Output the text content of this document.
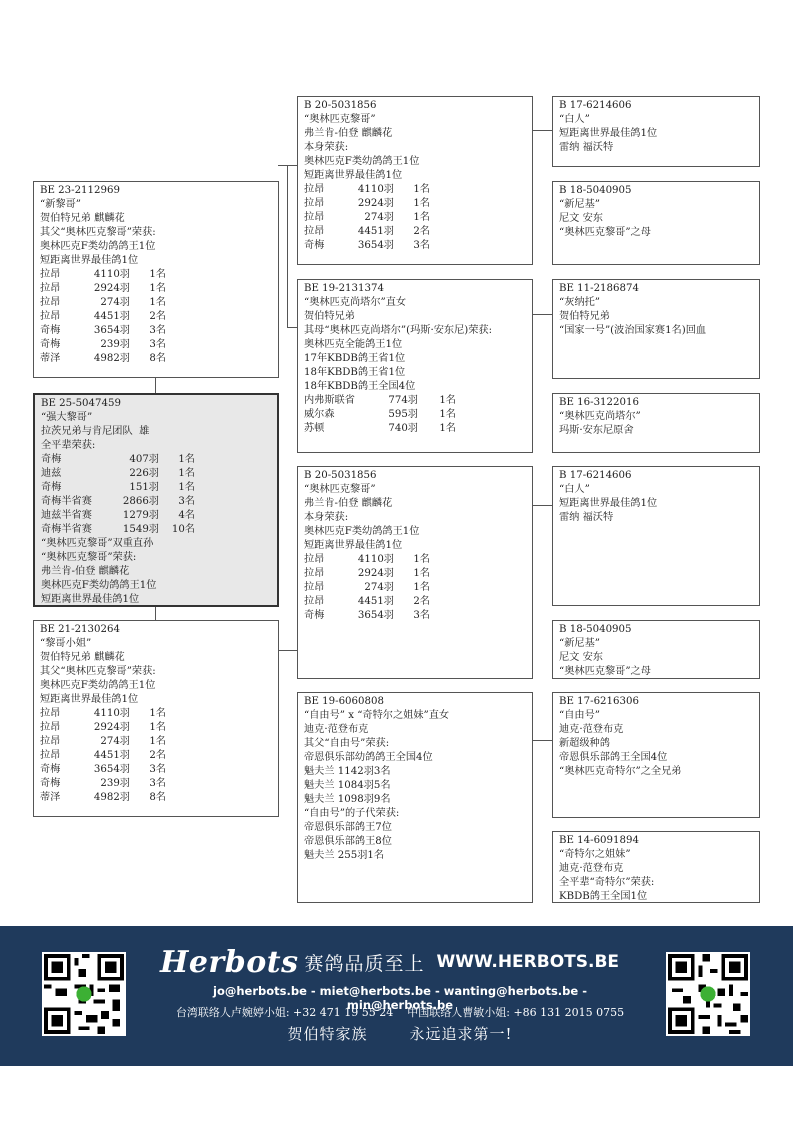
BE 23-2112969
“新黎哥”
贺伯特兄弟 麒麟花
其父“奥林匹克黎哥”荣获:
奥林匹克F类幼鸽鸽王1位
短距离世界最佳鸽1位
拉昂	4110羽	1名
拉昂	2924羽	1名
拉昂	274羽	1名
拉昂	4451羽	2名
奇梅	3654羽	3名
奇梅	239羽	3名
蒂泽	4982羽	8名
BE 25-5047459
“强大黎哥”
拉茨兄弟与肯尼团队  雄
全平辈荣获:
奇梅	407羽	1名
迪兹	226羽	1名
奇梅	151羽	1名
奇梅半省赛	2866羽	3名
迪兹半省赛	1279羽	4名
奇梅半省赛	1549羽	10名
“奥林匹克黎哥”双重直孙
“奥林匹克黎哥”荣获:
弗兰肯-伯登 麒麟花
奥林匹克F类幼鸽鸽王1位
短距离世界最佳鸽1位
BE 21-2130264
“黎哥小姐”
贺伯特兄弟 麒麟花
其父“奥林匹克黎哥”荣获:
奥林匹克F类幼鸽鸽王1位
短距离世界最佳鸽1位
拉昂	4110羽	1名
拉昂	2924羽	1名
拉昂	274羽	1名
拉昂	4451羽	2名
奇梅	3654羽	3名
奇梅	239羽	3名
蒂泽	4982羽	8名
B 20-5031856
“奥林匹克黎哥”
弗兰肯-伯登 麒麟花
本身荣获:
奥林匹克F类幼鸽鸽王1位
短距离世界最佳鸽1位
拉昂	4110羽	1名
拉昂	2924羽	1名
拉昂	274羽	1名
拉昂	4451羽	2名
奇梅	3654羽	3名
BE 19-2131374
“奥林匹克尚塔尔”直女
贺伯特兄弟
其母“奥林匹克尚塔尔”(玛斯·安东尼)荣获:
奥林匹克全能鸽王1位
17年KBDB鸽王省1位
18年KBDB鸽王省1位
18年KBDB鸽王全国4位
内弗斯联省	774羽	1名
威尔森	595羽	1名
苏顿	740羽	1名
B 20-5031856
“奥林匹克黎哥”
弗兰肯-伯登 麒麟花
本身荣获:
奥林匹克F类幼鸽鸽王1位
短距离世界最佳鸽1位
拉昂	4110羽	1名
拉昂	2924羽	1名
拉昂	274羽	1名
拉昂	4451羽	2名
奇梅	3654羽	3名
BE 19-6060808
“自由号” x “奇特尔之姐妹”直女
迪克·范登布克
其父“自由号”荣获:
帝恩俱乐部幼鸽鸽王全国4位
魁夫兰 1142羽3名
魁夫兰 1084羽5名
魁夫兰 1098羽9名
“自由号”的子代荣获:
帝恩俱乐部鸽王7位
帝恩俱乐部鸽王8位
魁夫兰 255羽1名
B 17-6214606
“白人”
短距离世界最佳鸽1位
雷纳 福沃特
B 18-5040905
“新尼基”
尼文 安东
“奥林匹克黎哥”之母
BE 11-2186874
“灰纳托”
贺伯特兄弟
“国家一号”(波治国家赛1名)回血
BE 16-3122016
“奥林匹克尚塔尔”
玛斯·安东尼原舍
B 17-6214606
“白人”
短距离世界最佳鸽1位
雷纳 福沃特
B 18-5040905
“新尼基”
尼文 安东
“奥林匹克黎哥”之母
BE 17-6216306
“自由号”
迪克·范登布克
新超级种鸽
帝恩俱乐部鸽王全国4位
“奥林匹克奇特尔”之全兄弟
BE 14-6091894
“奇特尔之姐妹”
迪克·范登布克
全平辈“奇特尔”荣获:
KBDB鸽王全国1位
Herbots 赛鸽品质至上 WWW.HERBOTS.BE
jo@herbots.be - miet@herbots.be - wanting@herbots.be - min@herbots.be
台湾联络人卢婉婷小姐: +32 471 19 55 24 中国联络人曹敏小姐: +86 131 2015 0755
贺伯特家族	永远追求第一!
